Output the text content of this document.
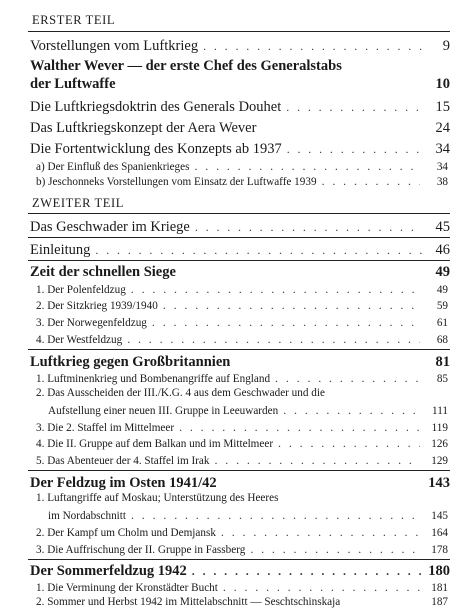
ERSTER TEIL
Vorstellungen vom Luftkrieg . . .	9
Walther Wever — der erste Chef des Generalstabs
der Luftwaffe	10
Die Luftkriegsdoktrin des Generals Douhet . . .	15
Das Luftkriegskonzept der Aera Wever	24
Die Fortentwicklung des Konzepts ab 1937 . . .	34
a) Der Einfluß des Spanienkrieges . . .	34
b) Jeschonneks Vorstellungen vom Einsatz der Luftwaffe 1939 . . .	38
ZWEITER TEIL
Das Geschwader im Kriege . . .	45
Einleitung . . .	46
Zeit der schnellen Siege	49
1. Der Polenfeldzug . . .	49
2. Der Sitzkrieg 1939/1940 . . .	59
3. Der Norwegenfeldzug . . .	61
4. Der Westfeldzug . . .	68
Luftkrieg gegen Großbritannien	81
1. Luftminenkrieg und Bombenangriffe auf England . . .	85
2. Das Ausscheiden der III./K.G. 4 aus dem Geschwader und die
Aufstellung einer neuen III. Gruppe in Leeuwarden . . .	111
3. Die 2. Staffel im Mittelmeer . . .	119
4. Die II. Gruppe auf dem Balkan und im Mittelmeer . . .	126
5. Das Abenteuer der 4. Staffel im Irak . . .	129
Der Feldzug im Osten 1941/42	143
1. Luftangriffe auf Moskau; Unterstützung des Heeres
im Nordabschnitt . . .	145
2. Der Kampf um Cholm und Demjansk . . .	164
3. Die Auffrischung der II. Gruppe in Fassberg . . .	178
Der Sommerfeldzug 1942 . . .	180
1. Die Verminung der Kronstädter Bucht . . .	181
2. Sommer und Herbst 1942 im Mittelabschnitt — Seschtschinskaja	187
